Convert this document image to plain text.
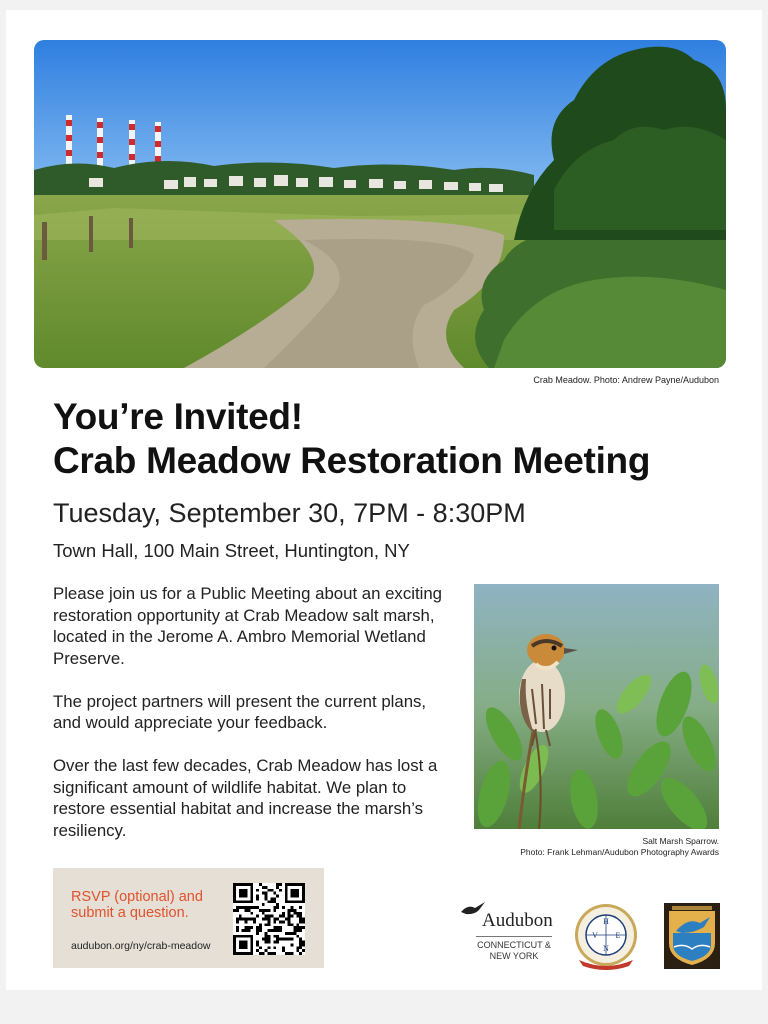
Crab Meadow. Photo: Andrew Payne/Audubon
You’re Invited!
Crab Meadow Restoration Meeting
Tuesday, September 30, 7PM - 8:30PM
Town Hall, 100 Main Street, Huntington, NY

Please join us for a Public Meeting about an exciting restoration opportunity at Crab Meadow salt marsh, located in the Jerome A. Ambro Memorial Wetland Preserve.

The project partners will present the current plans, and would appreciate your feedback.

Over the last few decades, Crab Meadow has lost a significant amount of wildlife habitat. We plan to restore essential habitat and increase the marsh’s resiliency.

Salt Marsh Sparrow.
Photo: Frank Lehman/Audubon Photography Awards
RSVP (optional) and submit a question.
audubon.org/ny/crab-meadow
Audubon
CONNECTICUT &
NEW YORK
H
V E
N
